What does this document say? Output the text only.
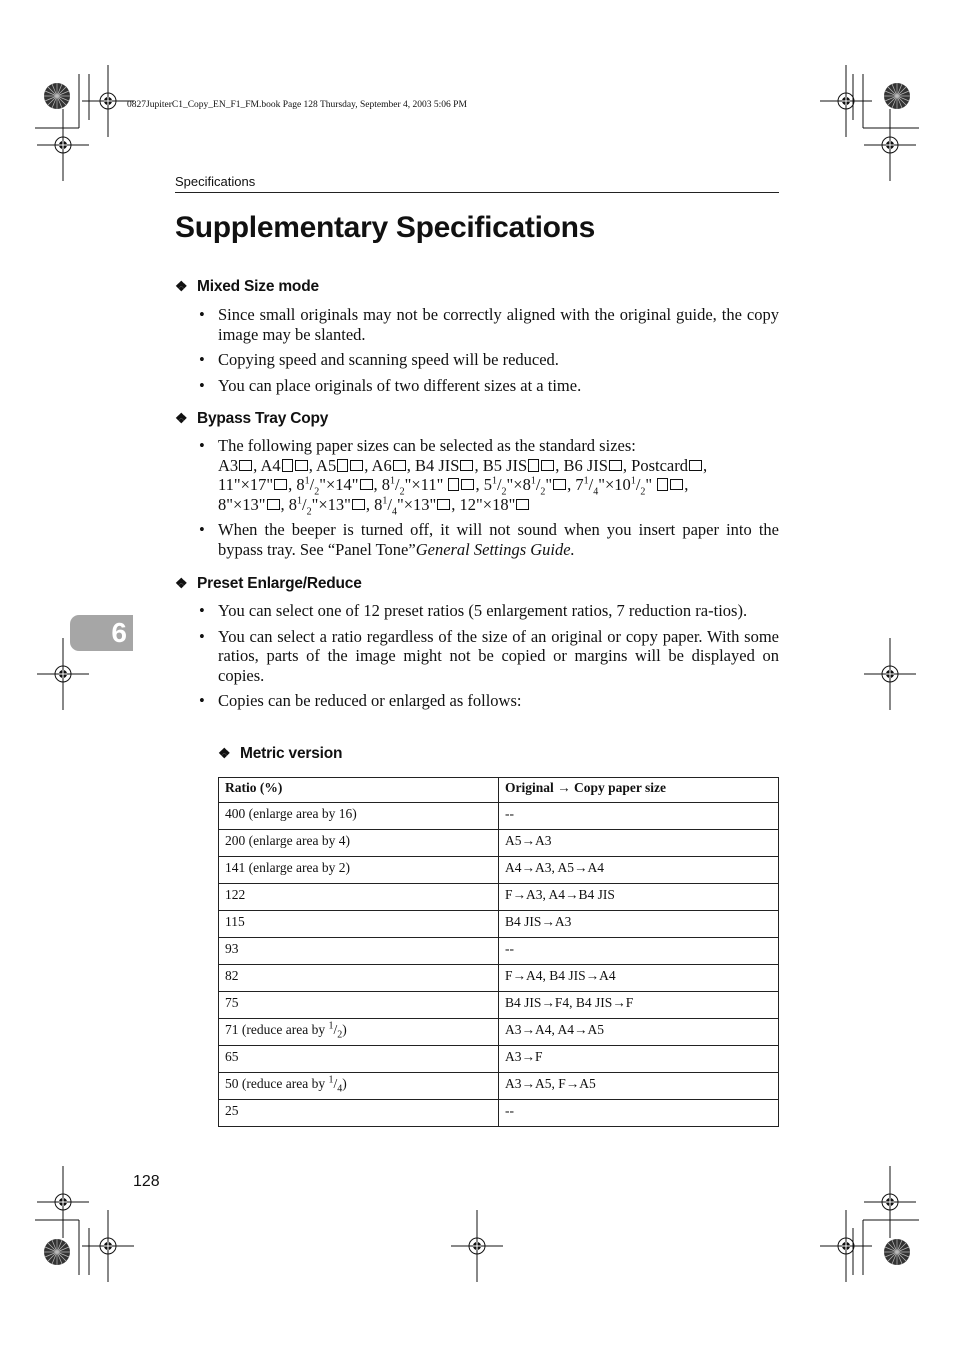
0827JupiterC1_Copy_EN_F1_FM.book Page 128 Thursday, September 4, 2003 5:06 PM
Specifications
Supplementary Specifications
❖ Mixed Size mode
• Since small originals may not be correctly aligned with the original guide, the copy image may be slanted.
• Copying speed and scanning speed will be reduced.
• You can place originals of two different sizes at a time.
❖ Bypass Tray Copy
• The following paper sizes can be selected as the standard sizes:
A3 , A4 , A5 , A6 , B4 JIS , B5 JIS , B6 JIS , Postcard ,
11"×17" , $8^1/_2"\times 14$" , $8^1/_2"\times 11$" , $5^1/_2"\times 8^1/_2$" , $7^1/_4"\times 10^1/_2$" ,
8"×13" , $8^1/_2"\times 13$" , $8^1/_4"\times 13$" , 12"×18"
• When the beeper is turned off, it will not sound when you insert paper into the bypass tray. See “Panel Tone”General Settings Guide.
6
❖ Preset Enlarge/Reduce
• You can select one of 12 preset ratios (5 enlargement ratios, 7 reduction ra-tios).
• You can select a ratio regardless of the size of an original or copy paper. With some ratios, parts of the image might not be copied or margins will be displayed on copies.
• Copies can be reduced or enlarged as follows:
❖ Metric version
Ratio (%)	Original → Copy paper size
400 (enlarge area by 16)	--
200 (enlarge area by 4)	A5→A3
141 (enlarge area by 2)	A4→A3, A5→A4
122	F→A3, A4→B4 JIS
115	B4 JIS→A3
93	--
82	F→A4, B4 JIS→A4
75	B4 JIS→F4, B4 JIS→F
71 (reduce area by $^1/_2$)	A3→A4, A4→A5
65	A3→F
50 (reduce area by $^1/_4$)	A3→A5, F→A5
25	--
128
